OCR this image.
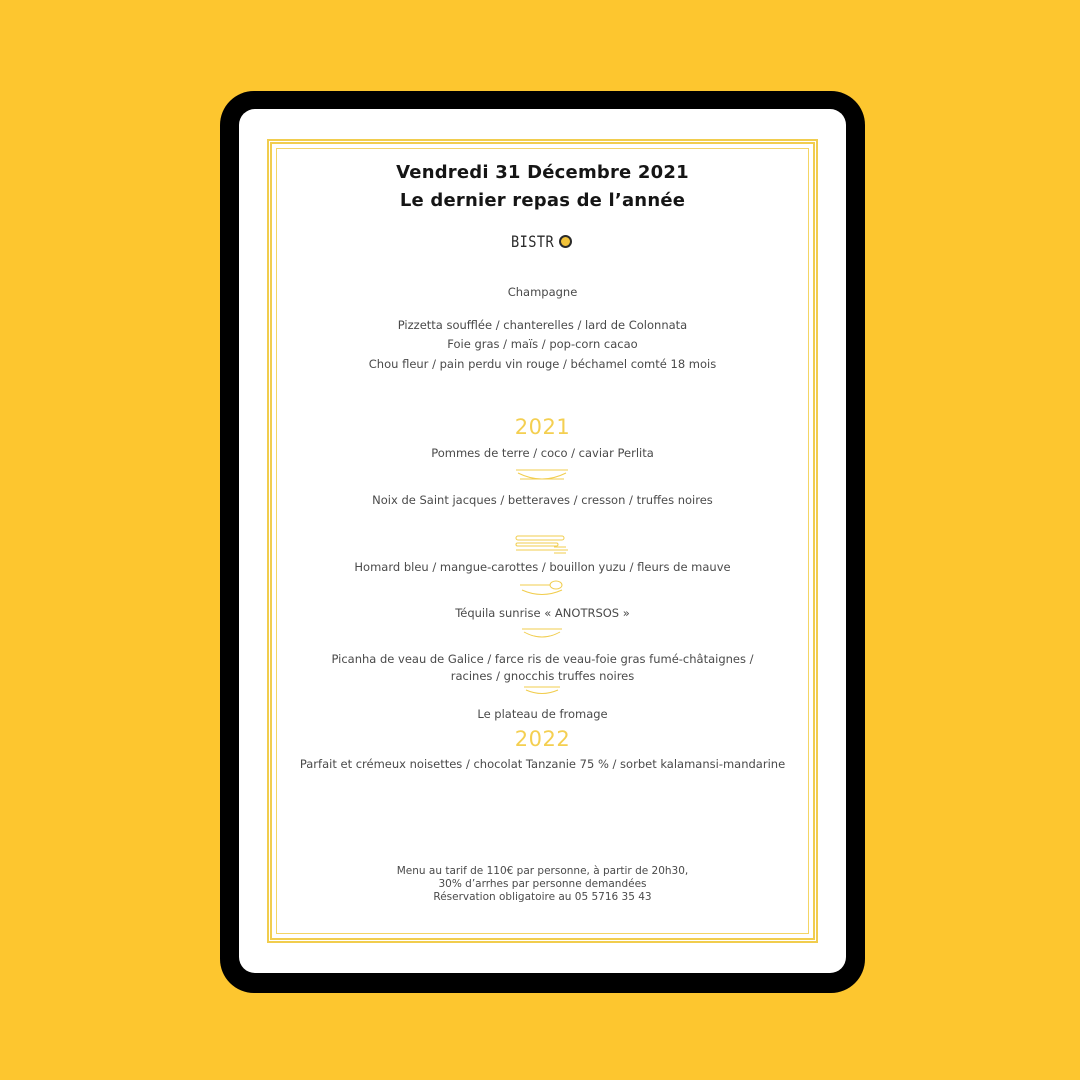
Vendredi 31 Décembre 2021
Le dernier repas de l’année
BISTR
Champagne
Pizzetta soufflée / chanterelles / lard de Colonnata
Foie gras / maïs / pop-corn cacao
Chou fleur / pain perdu vin rouge / béchamel comté 18 mois
2021
Pommes de terre / coco / caviar Perlita
Noix de Saint jacques / betteraves / cresson / truffes noires
Homard bleu / mangue-carottes / bouillon yuzu / fleurs de mauve
Téquila sunrise « ANOTRSOS »
Picanha de veau de Galice / farce ris de veau-foie gras fumé-châtaignes /
racines / gnocchis truffes noires
Le plateau de fromage
2022
Parfait et crémeux noisettes / chocolat Tanzanie 75 % / sorbet kalamansi-mandarine
Menu au tarif de 110€ par personne, à partir de 20h30,
30% d’arrhes par personne demandées
Réservation obligatoire au 05 5716 35 43
